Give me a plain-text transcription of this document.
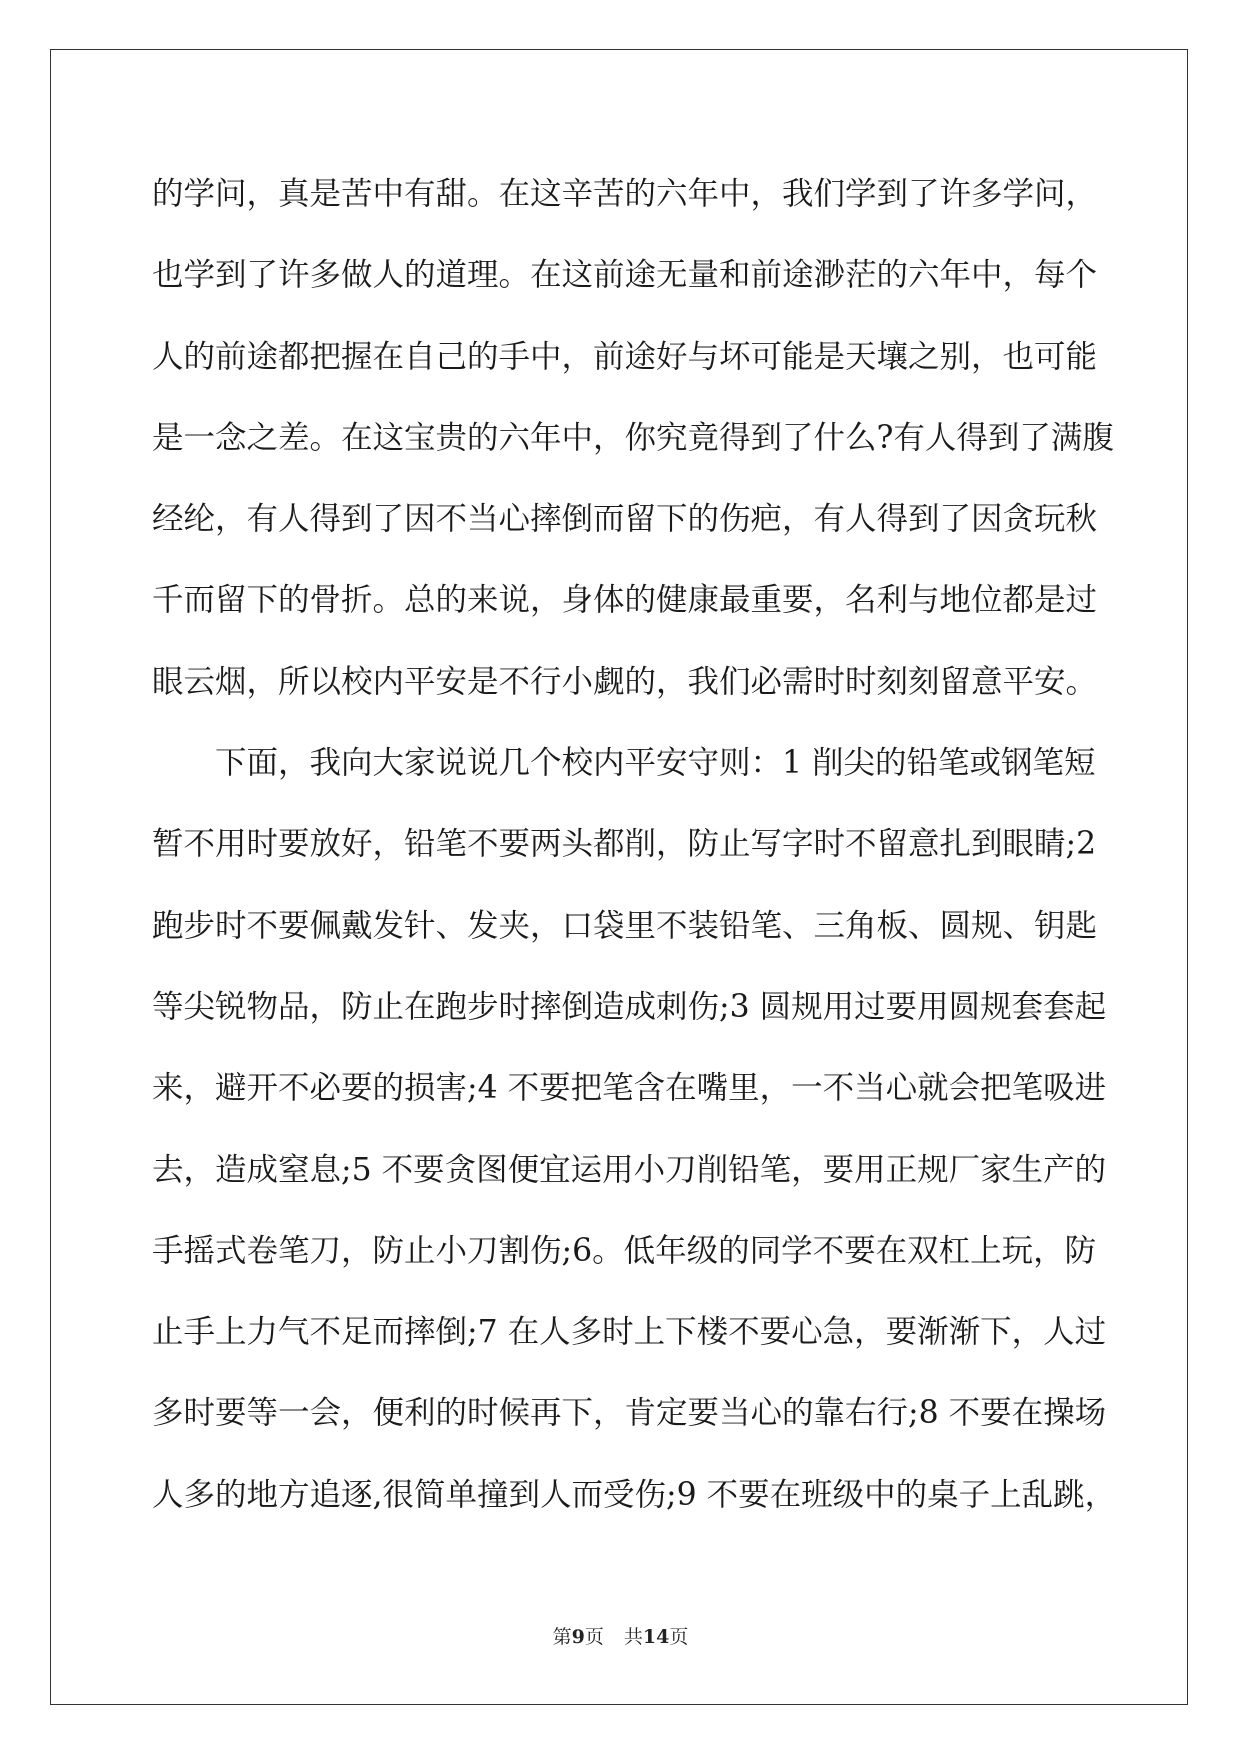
的学问，真是苦中有甜。在这辛苦的六年中，我们学到了许多学问，
也学到了许多做人的道理。在这前途无量和前途渺茫的六年中，每个
人的前途都把握在自己的手中，前途好与坏可能是天壤之别，也可能
是一念之差。在这宝贵的六年中，你究竟得到了什么?有人得到了满腹
经纶，有人得到了因不当心摔倒而留下的伤疤，有人得到了因贪玩秋
千而留下的骨折。总的来说，身体的健康最重要，名利与地位都是过
眼云烟，所以校内平安是不行小觑的，我们必需时时刻刻留意平安。
　　下面，我向大家说说几个校内平安守则：1 削尖的铅笔或钢笔短
暂不用时要放好，铅笔不要两头都削，防止写字时不留意扎到眼睛;2
跑步时不要佩戴发针、发夹，口袋里不装铅笔、三角板、圆规、钥匙
等尖锐物品，防止在跑步时摔倒造成刺伤;3 圆规用过要用圆规套套起
来，避开不必要的损害;4 不要把笔含在嘴里，一不当心就会把笔吸进
去，造成窒息;5 不要贪图便宜运用小刀削铅笔，要用正规厂家生产的
手摇式卷笔刀，防止小刀割伤;6。低年级的同学不要在双杠上玩，防
止手上力气不足而摔倒;7 在人多时上下楼不要心急，要渐渐下，人过
多时要等一会，便利的时候再下，肯定要当心的靠右行;8 不要在操场
人多的地方追逐,很简单撞到人而受伤;9 不要在班级中的桌子上乱跳，
第9页 共14页
